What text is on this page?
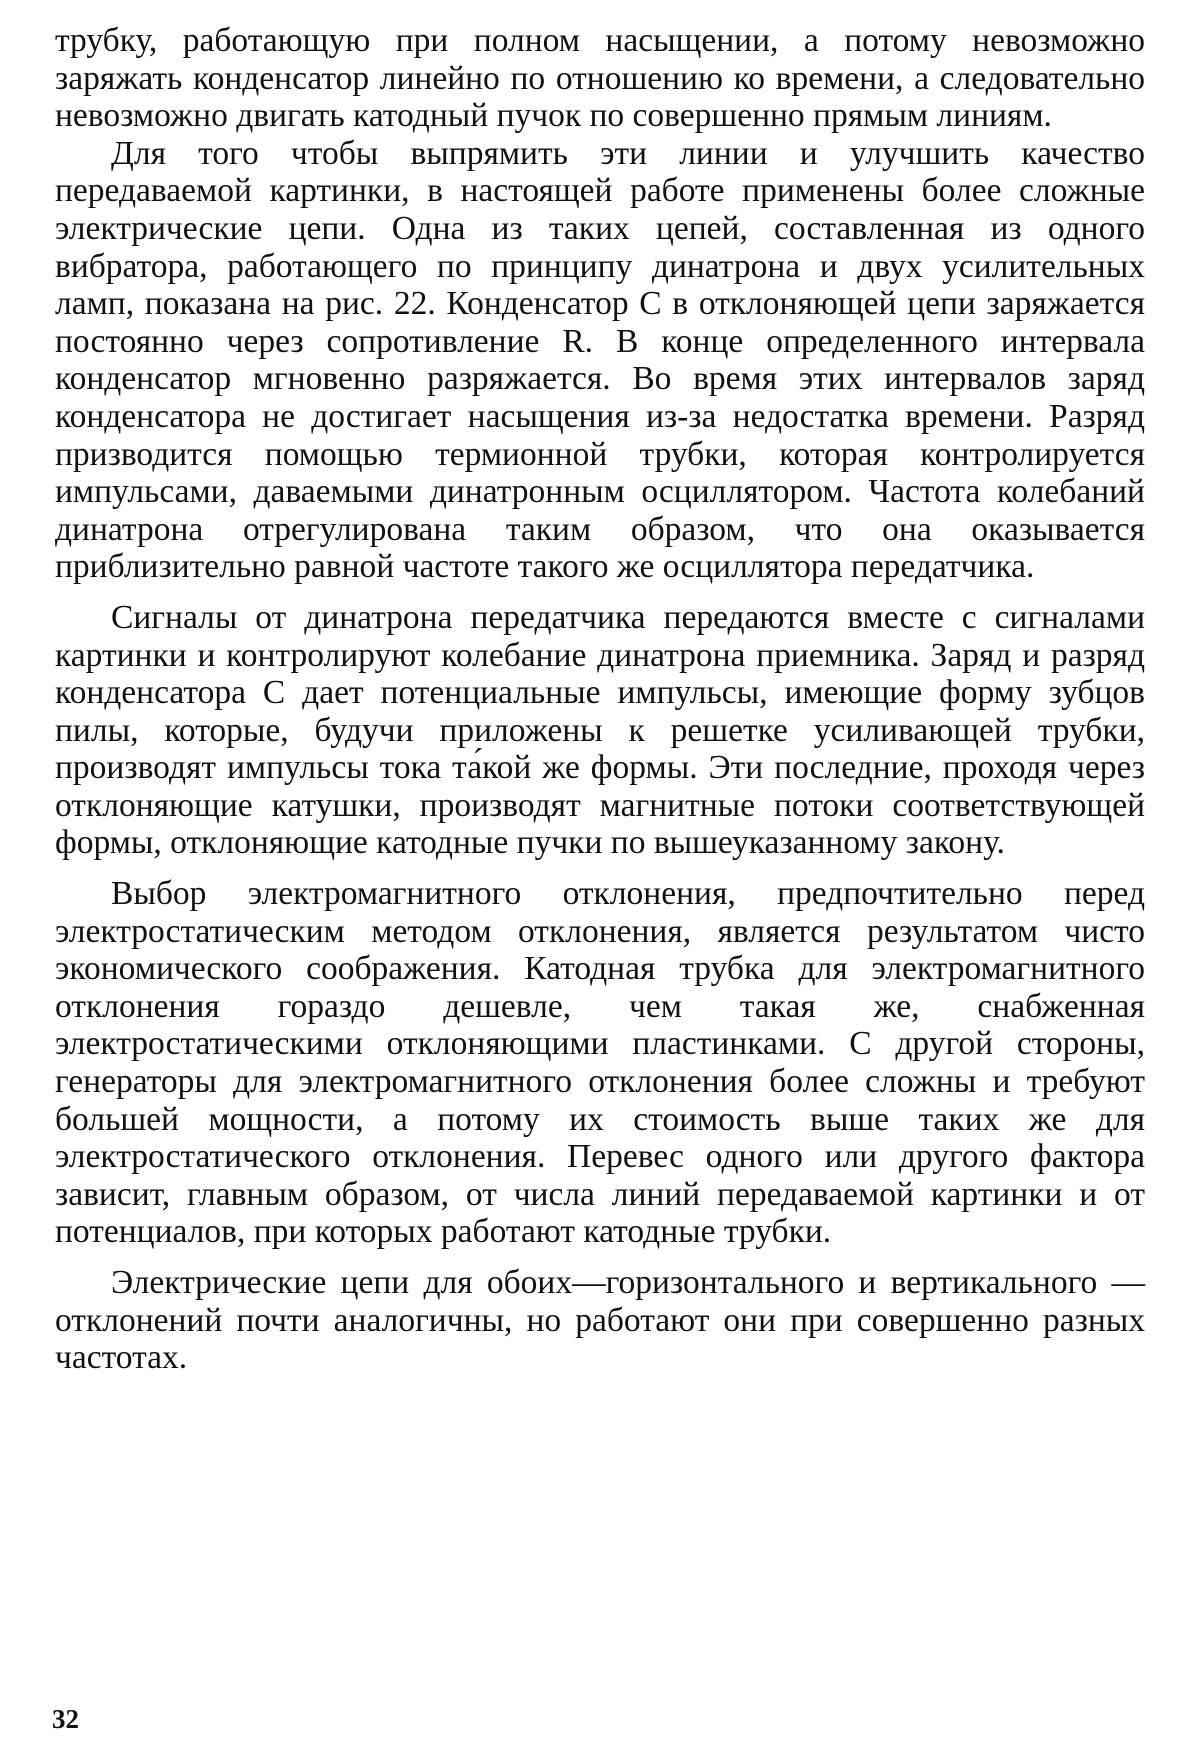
трубку, работающую при полном насыщении, а потому невозможно заряжать конденсатор линейно по отношению ко времени, а следовательно невозможно двигать катодный пучок по совершенно прямым линиям.

Для того чтобы выпрямить эти линии и улучшить качество передаваемой картинки, в настоящей работе применены более сложные электрические цепи. Одна из таких цепей, составленная из одного вибратора, работающего по принципу динатрона и двух усилительных ламп, показана на рис. 22. Конденсатор C в отклоняющей цепи заряжается постоянно через сопротивление R. В конце определенного интервала конденсатор мгновенно разряжается. Во время этих интервалов заряд конденсатора не достигает насыщения из-за недостатка времени. Разряд призводится помощью термионной трубки, которая контролируется импульсами, даваемыми динатронным осциллятором. Частота колебаний динатрона отрегулирована таким образом, что она оказывается приблизительно равной частоте такого же осциллятора передатчика.

Сигналы от динатрона передатчика передаются вместе с сигналами картинки и контролируют колебание динатрона приемника. Заряд и разряд конденсатора C дает потенциальные импульсы, имеющие форму зубцов пилы, которые, будучи приложены к решетке усиливающей трубки, производят импульсы тока та́кой же формы. Эти последние, проходя через отклоняющие катушки, производят магнитные потоки соответствующей формы, отклоняющие катодные пучки по вышеуказанному закону.

Выбор электромагнитного отклонения, предпочтительно перед электростатическим методом отклонения, является результатом чисто экономического соображения. Катодная трубка для электромагнитного отклонения гораздо дешевле, чем такая же, снабженная электростатическими отклоняющими пластинками. С другой стороны, генераторы для электромагнитного отклонения более сложны и требуют большей мощности, а потому их стоимость выше таких же для электростатического отклонения. Перевес одного или другого фактора зависит, главным образом, от числа линий передаваемой картинки и от потенциалов, при которых работают катодные трубки.

Электрические цепи для обоих—горизонтального и вертикального —отклонений почти аналогичны, но работают они при совершенно разных частотах.

32
